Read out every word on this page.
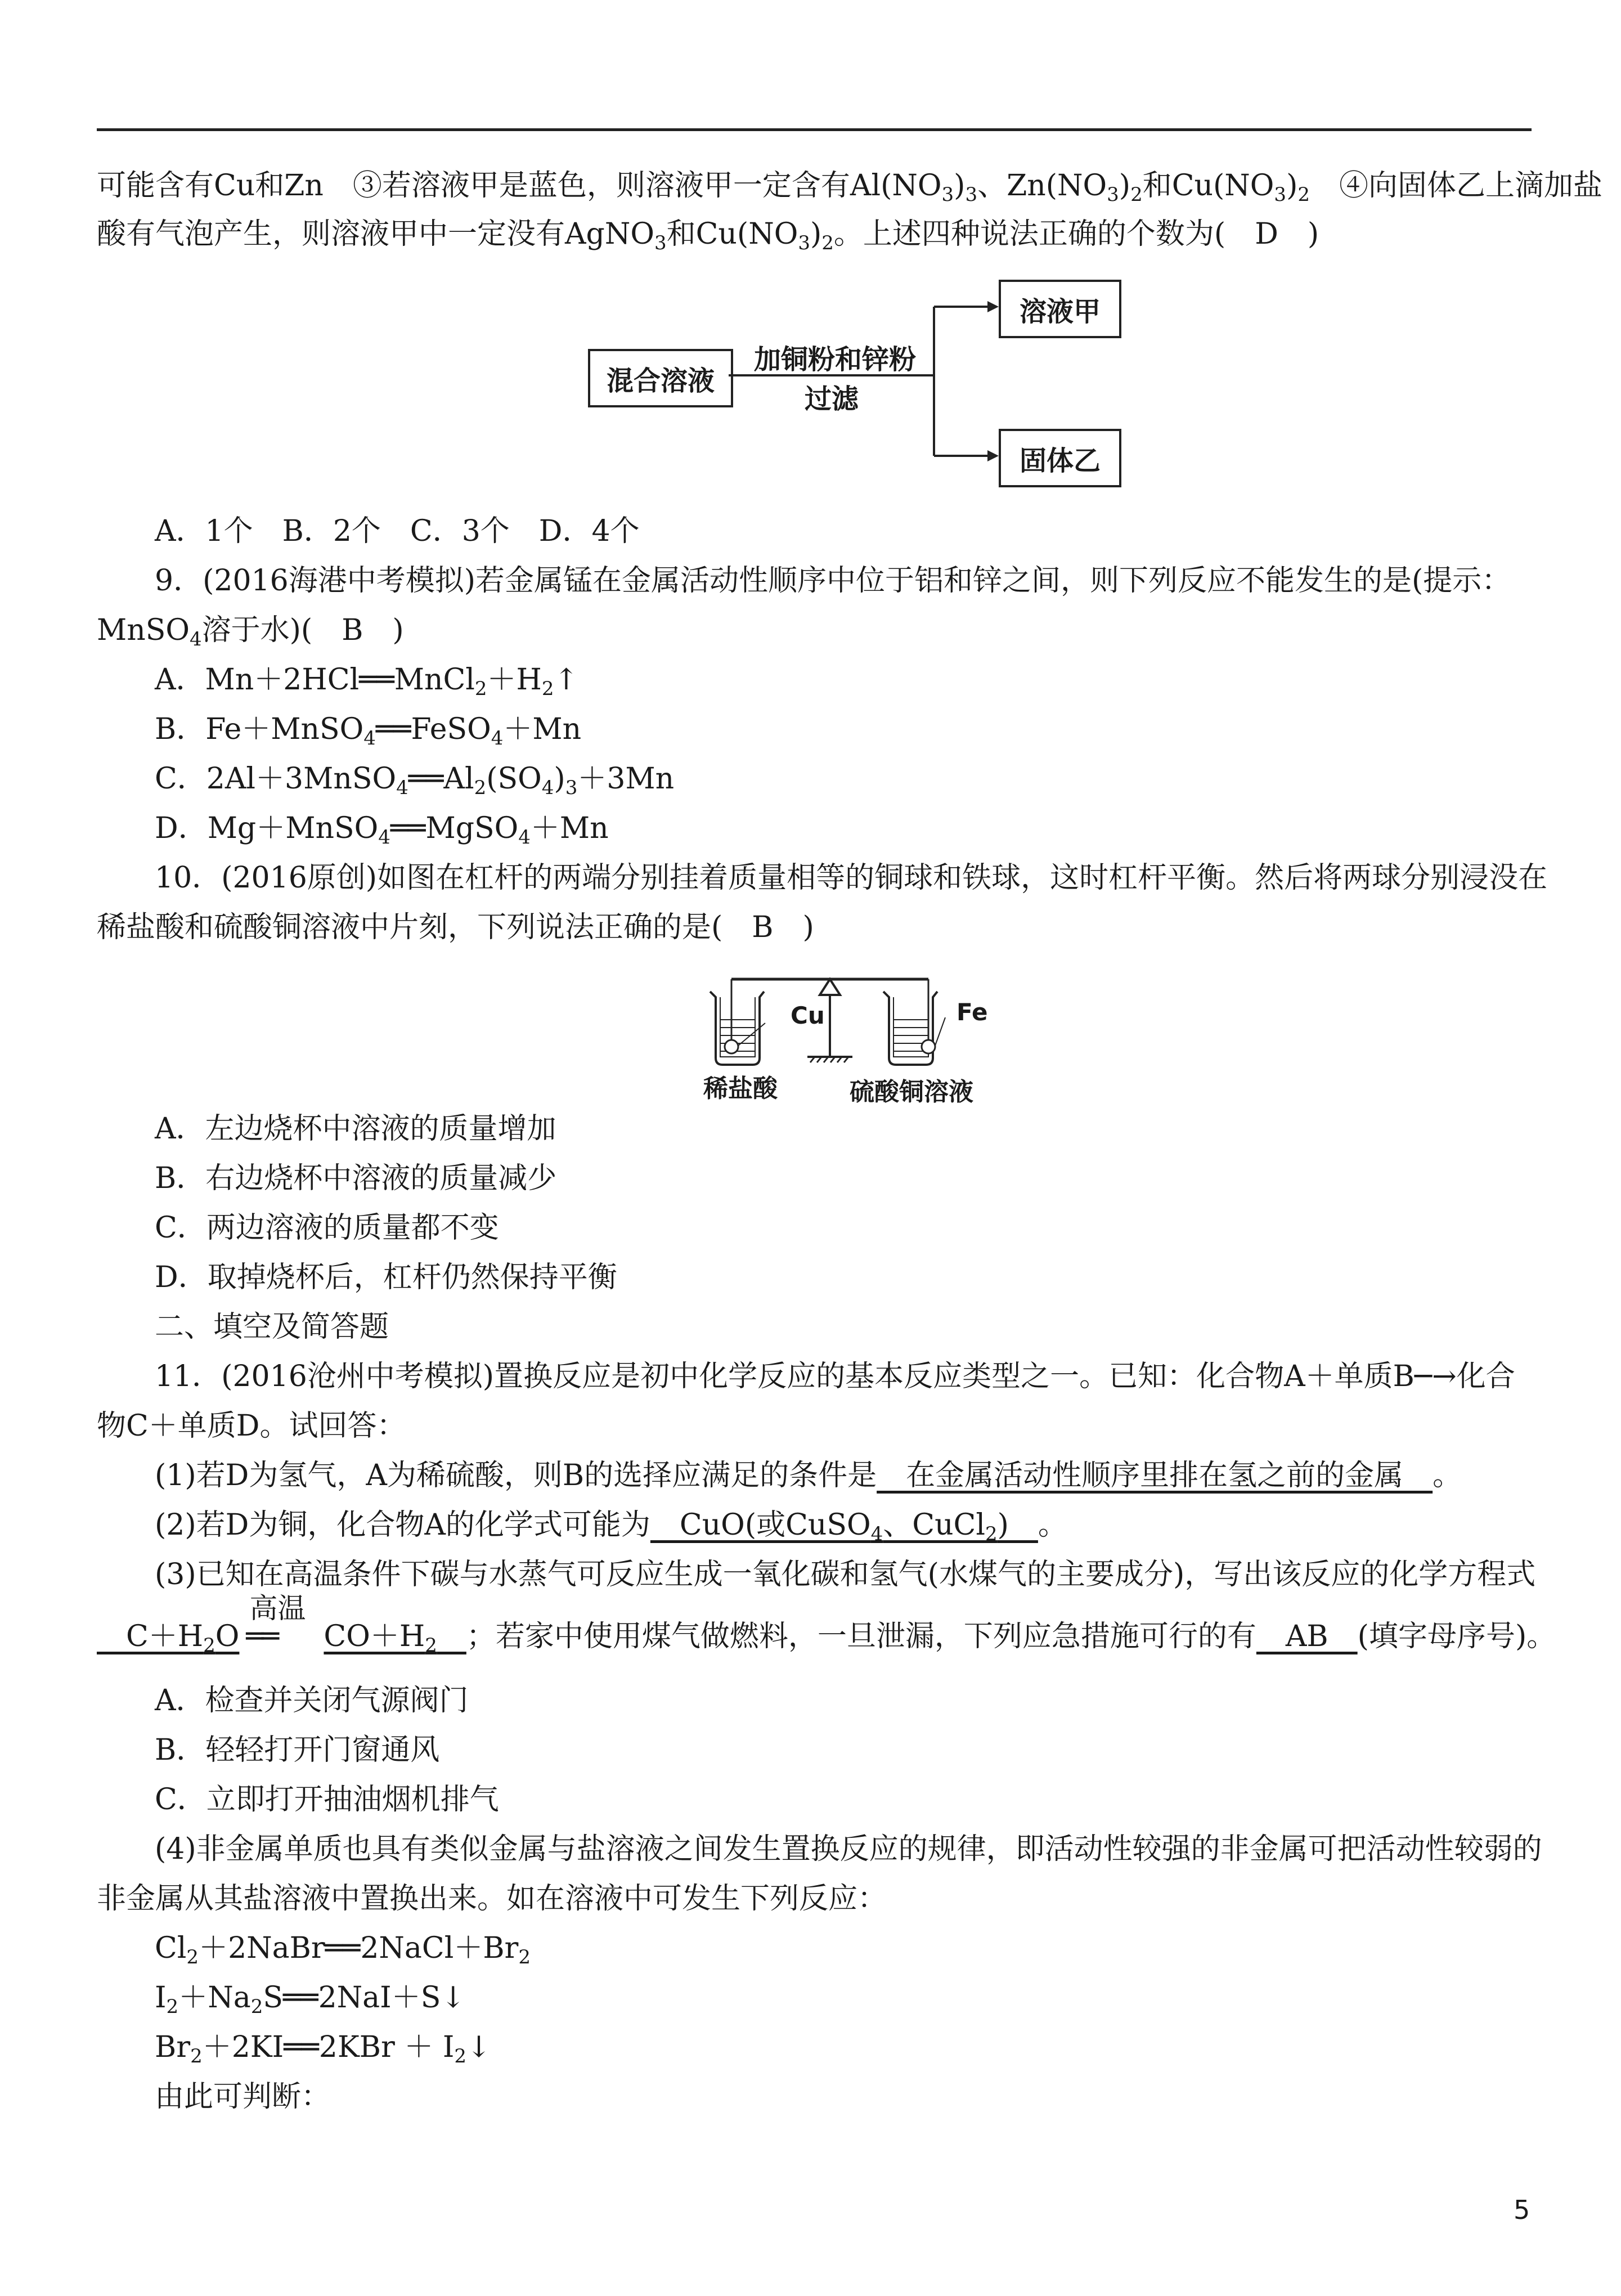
可能含有Cu和Zn　③若溶液甲是蓝色，则溶液甲一定含有$Al(NO_3)_3$、$Zn(NO_3)_2$和$Cu(NO_3)_2$　④向固体乙上滴加盐
酸有气泡产生，则溶液甲中一定没有AgNO$_3$和$Cu(NO_3)_2$。上述四种说法正确的个数为(　D　)
混合溶液
加铜粉和锌粉
过滤
溶液甲
固体乙
A．1个　B．2个　C．3个　D．4个
9．(2016海港中考模拟)若金属锰在金属活动性顺序中位于铝和锌之间，则下列反应不能发生的是(提示：
MnSO$_4$溶于水)(　B　)
A．$Mn+2HCl══MnCl_2+H_2↑$
B．Fe＋MnSO$_4$══FeSO$_4$＋Mn
C．$2Al+3MnSO_4══Al_2(SO_4)_3+3Mn$
D．Mg＋MnSO$_4$══MgSO$_4$＋Mn
10．(2016原创)如图在杠杆的两端分别挂着质量相等的铜球和铁球，这时杠杆平衡。然后将两球分别浸没在
稀盐酸和硫酸铜溶液中片刻，下列说法正确的是(　B　)
Cu	Fe
稀盐酸	硫酸铜溶液
A．左边烧杯中溶液的质量增加
B．右边烧杯中溶液的质量减少
C．两边溶液的质量都不变
D．取掉烧杯后，杠杆仍然保持平衡
二、填空及简答题
11．(2016沧州中考模拟)置换反应是初中化学反应的基本反应类型之一。已知：化合物A＋单质B─→化合
物C＋单质D。试回答：
(1)若D为氢气，A为稀硫酸，则B的选择应满足的条件是　在金属活动性顺序里排在氢之前的金属　。
(2)若D为铜，化合物A的化学式可能为　CuO(或CuSO$_4$、CuCl$_2$)　。
(3)已知在高温条件下碳与水蒸气可反应生成一氧化碳和氢气(水煤气的主要成分)，写出该反应的化学方程式
　$C+H_2O$
高温
══ $CO+H_2$　 ；若家中使用煤气做燃料，一旦泄漏，下列应急措施可行的有　AB　(填字母序号)。
A．检查并关闭气源阀门
B．轻轻打开门窗通风
C．立即打开抽油烟机排气
(4)非金属单质也具有类似金属与盐溶液之间发生置换反应的规律，即活动性较强的非金属可把活动性较弱的
非金属从其盐溶液中置换出来。如在溶液中可发生下列反应：
$Cl_2+2NaBr══2NaCl+Br_2$
$I_2+Na_2S══2NaI+S↓$
$Br_2+2KI══2KBr$ ＋ $I_2↓$
由此可判断：
5
